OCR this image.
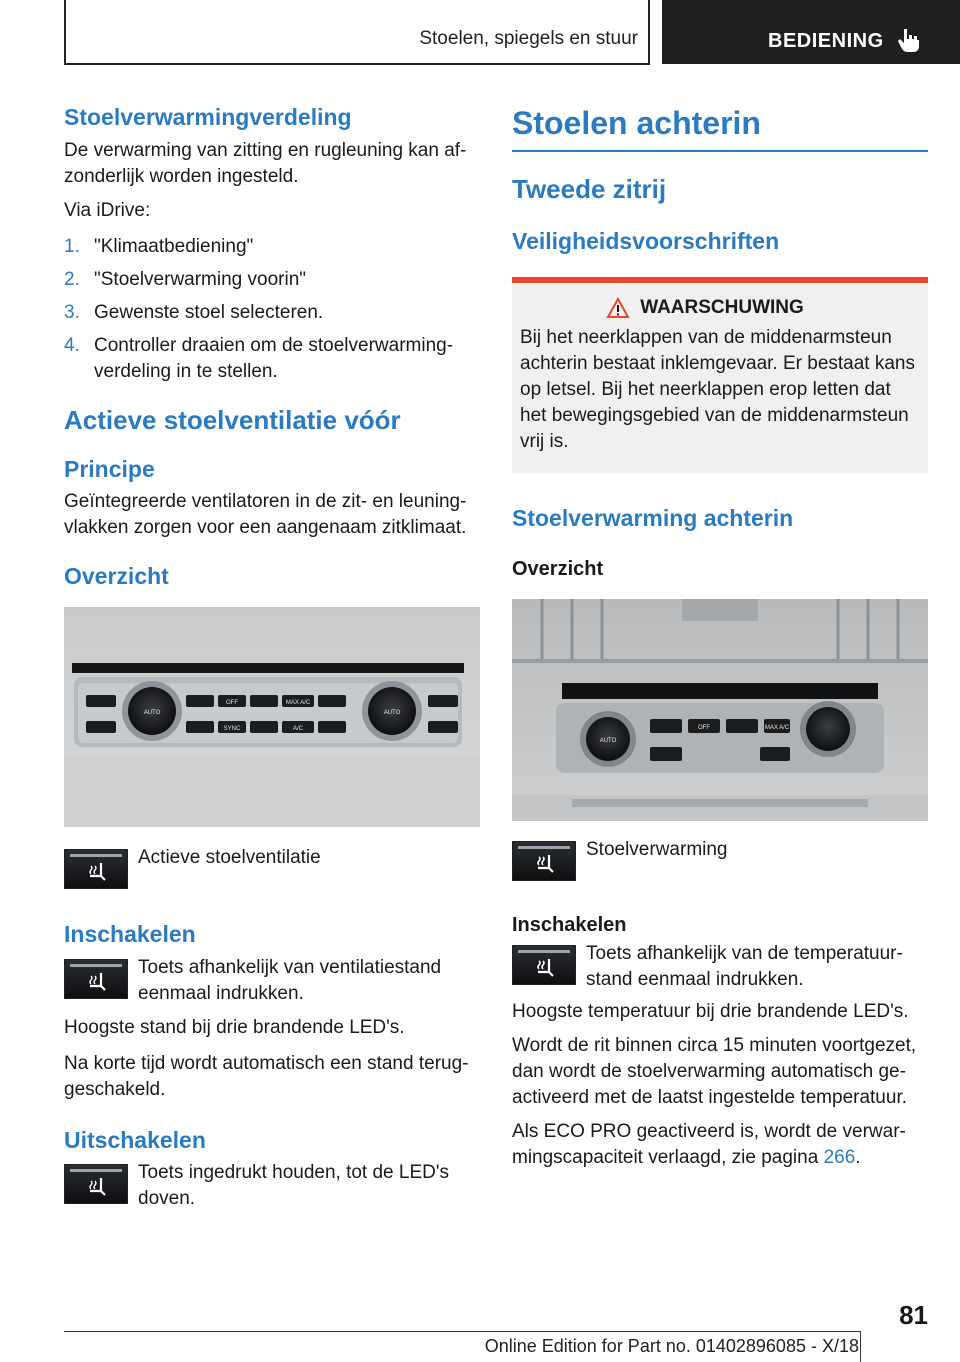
Stoelen, spiegels en stuur	BEDIENING
Stoelverwarmingverdeling
De verwarming van zitting en rugleuning kan af-
zonderlijk worden ingesteld.
Via iDrive:
1. "Klimaatbediening"
2. "Stoelverwarming voorin"
3. Gewenste stoel selecteren.
4. Controller draaien om de stoelverwarming-
verdeling in te stellen.
Actieve stoelventilatie vóór
Principe
Geïntegreerde ventilatoren in de zit- en leuning-
vlakken zorgen voor een aangenaam zitklimaat.
Overzicht
AUTO
OFF	MAX A/C
AUTO
SYNC	A/C
Actieve stoelventilatie
Inschakelen
Toets afhankelijk van ventilatiestand
eenmaal indrukken.
Hoogste stand bij drie brandende LED's.
Na korte tijd wordt automatisch een stand terug-
geschakeld.
Uitschakelen
Toets ingedrukt houden, tot de LED's
doven.
Stoelen achterin
Tweede zitrij
Veiligheidsvoorschriften
WAARSCHUWING
Bij het neerklappen van de middenarmsteun achterin bestaat inklemgevaar. Er bestaat kans op letsel. Bij het neerklappen erop letten dat het bewegingsgebied van de middenarmsteun vrij is.
Stoelverwarming achterin
Overzicht
AUTO
OFF	MAX A/C
Stoelverwarming
Inschakelen
Toets afhankelijk van de temperatuur-
stand eenmaal indrukken.
Hoogste temperatuur bij drie brandende LED's.
Wordt de rit binnen circa 15 minuten voortgezet, dan wordt de stoelverwarming automatisch ge-
activeerd met de laatst ingestelde temperatuur.
Als ECO PRO geactiveerd is, wordt de verwar-
mingscapaciteit verlaagd, zie pagina 266.
81
Online Edition for Part no. 01402896085 - X/18
